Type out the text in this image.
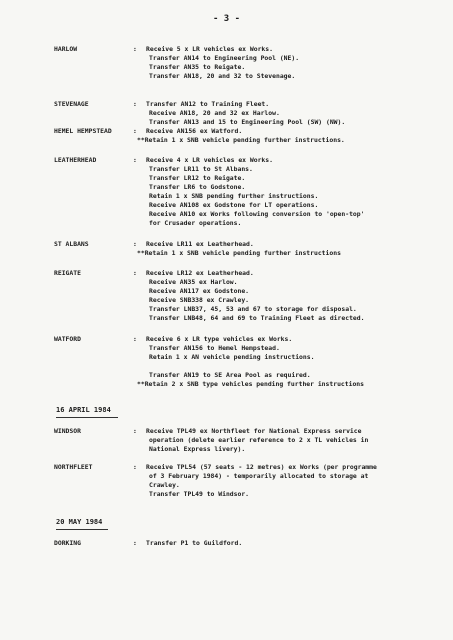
- 3 -
HARLOW	: Receive 5 x LR vehicles ex Works.
Transfer AN14 to Engineering Pool (NE).
Transfer AN35 to Reigate.
Transfer AN18, 20 and 32 to Stevenage.
STEVENAGE	: Transfer AN12 to Training Fleet.
Receive AN18, 20 and 32 ex Harlow.
Transfer AN13 and 15 to Engineering Pool (SW) (NW).
HEMEL HEMPSTEAD	: Receive AN156 ex Watford.
**Retain 1 x SNB vehicle pending further instructions.
LEATHERHEAD	: Receive 4 x LR vehicles ex Works.
Transfer LR11 to St Albans.
Transfer LR12 to Reigate.
Transfer LR6 to Godstone.
Retain 1 x SNB pending further instructions.
Receive AN108 ex Godstone for LT operations.
Receive AN10 ex Works following conversion to 'open-top'
for Crusader operations.
ST ALBANS	: Receive LR11 ex Leatherhead.
**Retain 1 x SNB vehicle pending further instructions
REIGATE	: Receive LR12 ex Leatherhead.
Receive AN35 ex Harlow.
Receive AN117 ex Godstone.
Receive SNB338 ex Crawley.
Transfer LNB37, 45, 53 and 67 to storage for disposal.
Transfer LNB48, 64 and 69 to Training Fleet as directed.
WATFORD	: Receive 6 x LR type vehicles ex Works.
Transfer AN156 to Hemel Hempstead.
Retain 1 x AN vehicle pending instructions.
Transfer AN19 to SE Area Pool as required.
**Retain 2 x SNB type vehicles pending further instructions
16 APRIL 1984
WINDSOR	: Receive TPL49 ex Northfleet for National Express service
operation (delete earlier reference to 2 x TL vehicles in
National Express livery).
NORTHFLEET	: Receive TPL54 (57 seats - 12 metres) ex Works (per programme
of 3 February 1984) - temporarily allocated to storage at
Crawley.
Transfer TPL49 to Windsor.
20 MAY 1984
DORKING	: Transfer P1 to Guildford.
